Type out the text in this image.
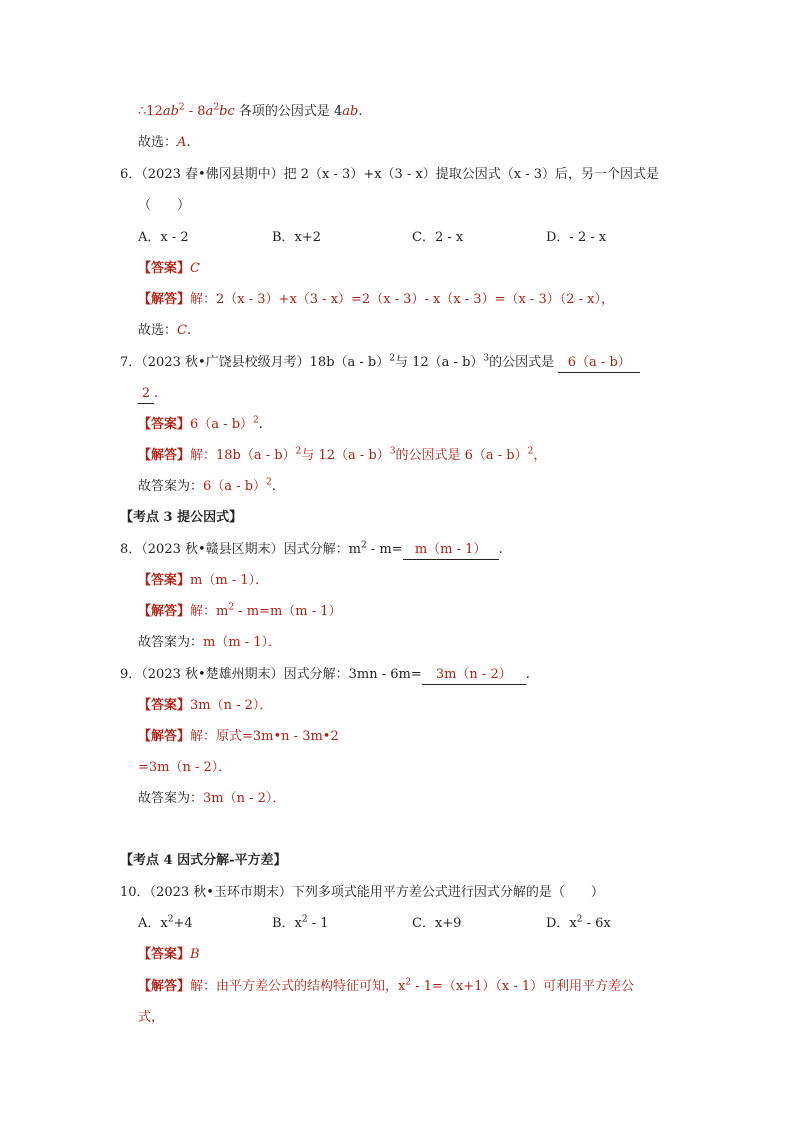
$\therefore 12ab^2 - 8a^2bc$ 各项的公因式是 4ab.
故选：A.
6．（2023 春•佛冈县期中）把 2（x - 3）+x（3 - x）提取公因式（x - 3）后，另一个因式是
（　　）
A．x - 2	B．x+2	C．2 - x	D．- 2 - x
【答案】C
【解答】解：2（x - 3）+x（3 - x）=2（x - 3）- x（x - 3）=（x - 3）（2 - x），
故选：C.
7．（2023 秋•广饶县校级月考）18b（a - b）$^2$与 12（a - b）$^3$的公因式是 6（a - b）
2 .
【答案】6（a - b）$^2$.
【解答】解：18b（a - b）$^2$与 12（a - b）$^3$的公因式是 6（a - b）$^2$，
故答案为：6（a - b）$^2$.
【考点 3 提公因式】
8．（2023 秋•赣县区期末）因式分解：$m^2 - m= m(m - 1)$ .
【答案】m（m - 1）．
【解答】解：$m^2 - m=m(m - 1)$
故答案为：m（m - 1）．
9．（2023 秋•楚雄州期末）因式分解：3mn - 6m= 3m（n - 2） .
【答案】3m（n - 2）．
【解答】解：原式=3m•n - 3m•2
=3m（n - 2）．
故答案为：3m（n - 2）．
【考点 4 因式分解-平方差】
10．（2023 秋•玉环市期末）下列多项式能用平方差公式进行因式分解的是（　　）
A．$x^2+4$	B．$x^2 - 1$	C．x+9	D．$x^2 - 6x$
【答案】B
【解答】解：由平方差公式的结构特征可知，$x^2 - 1=(x+1)(x - 1)$可利用平方差公
式，
